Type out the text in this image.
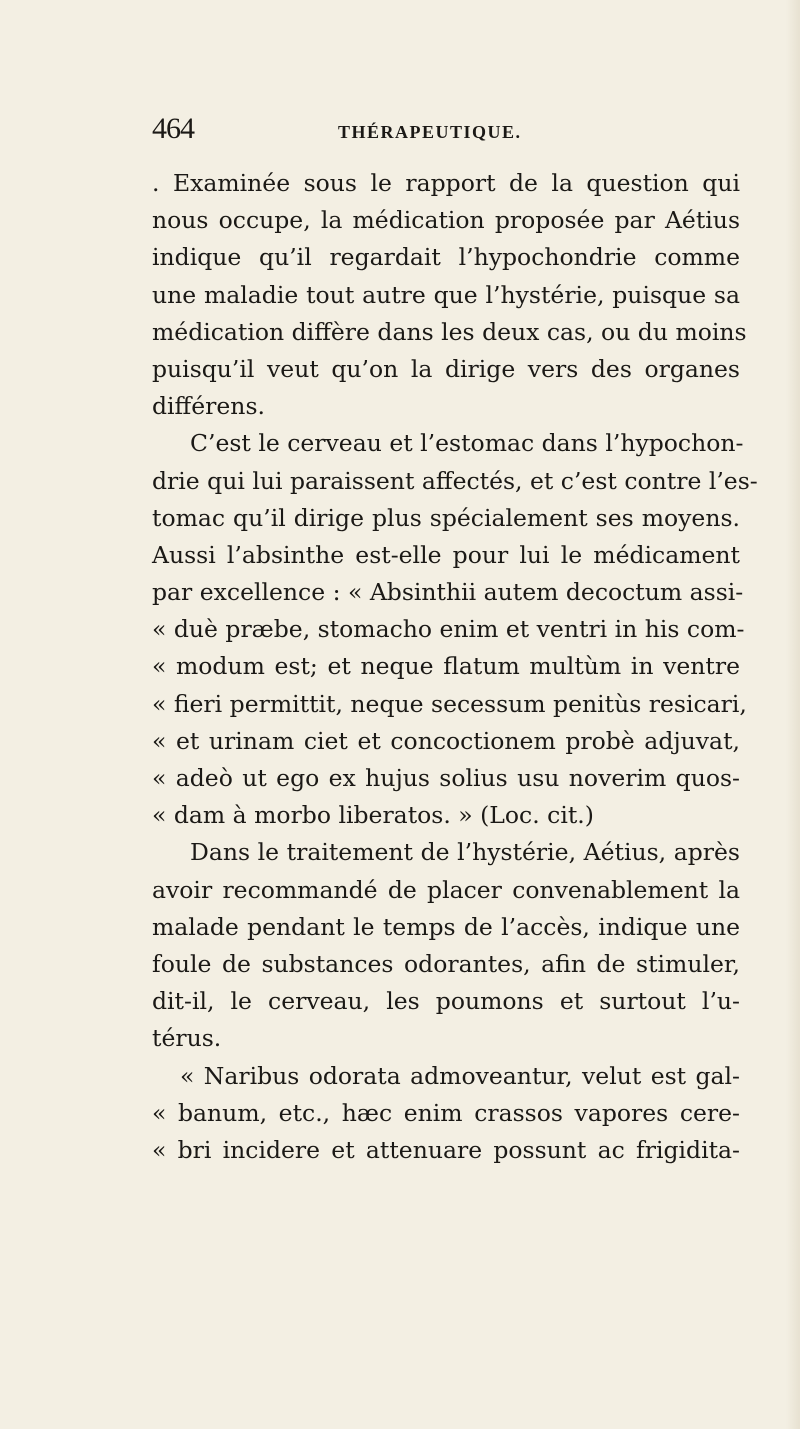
464	THÉRAPEUTIQUE.
. Examinée sous le rapport de la question qui
nous occupe, la médication proposée par Aétius
indique qu’il regardait l’hypochondrie comme
une maladie tout autre que l’hystérie, puisque sa
médication diffère dans les deux cas, ou du moins
puisqu’il veut qu’on la dirige vers des organes
différens.
C’est le cerveau et l’estomac dans l’hypochon-
drie qui lui paraissent affectés, et c’est contre l’es-
tomac qu’il dirige plus spécialement ses moyens.
Aussi l’absinthe est-elle pour lui le médicament
par excellence : « Absinthii autem decoctum assi-
« duè præbe, stomacho enim et ventri in his com-
« modum est; et neque flatum multùm in ventre
« fieri permittit, neque secessum penitùs resicari,
« et urinam ciet et concoctionem probè adjuvat,
« adeò ut ego ex hujus solius usu noverim quos-
« dam à morbo liberatos. » (Loc. cit.)
Dans le traitement de l’hystérie, Aétius, après
avoir recommandé de placer convenablement la
malade pendant le temps de l’accès, indique une
foule de substances odorantes, afin de stimuler,
dit-il, le cerveau, les poumons et surtout l’u-
térus.
« Naribus odorata admoveantur, velut est gal-
« banum, etc., hæc enim crassos vapores cere-
« bri incidere et attenuare possunt ac frigidita-
